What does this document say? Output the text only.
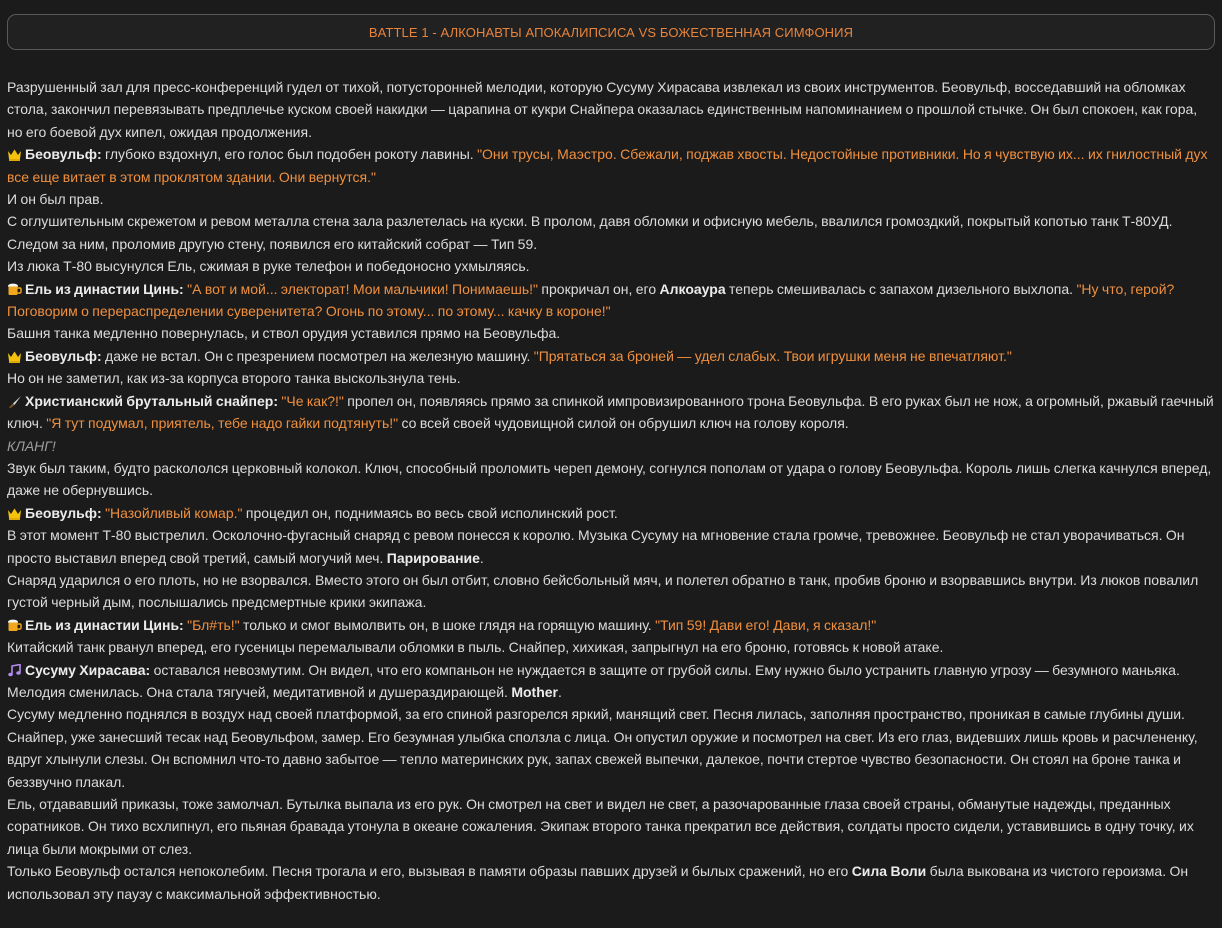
BATTLE 1 - АЛКОНАВТЫ АПОКАЛИПСИСА VS БОЖЕСТВЕННАЯ СИМФОНИЯ

Разрушенный зал для пресс-конференций гудел от тихой, потусторонней мелодии, которую Сусуму Хирасава извлекал из своих инструментов. Беовульф, восседавший на обломках стола, закончил перевязывать предплечье куском своей накидки — царапина от кукри Снайпера оказалась единственным напоминанием о прошлой стычке. Он был спокоен, как гора, но его боевой дух кипел, ожидая продолжения.

Беовульф: глубоко вздохнул, его голос был подобен рокоту лавины. "Они трусы, Маэстро. Сбежали, поджав хвосты. Недостойные противники. Но я чувствую их... их гнилостный дух все еще витает в этом проклятом здании. Они вернутся."

И он был прав.

С оглушительным скрежетом и ревом металла стена зала разлетелась на куски. В пролом, давя обломки и офисную мебель, ввалился громоздкий, покрытый копотью танк Т-80УД. Следом за ним, проломив другую стену, появился его китайский собрат — Тип 59.

Из люка Т-80 высунулся Ель, сжимая в руке телефон и победоносно ухмыляясь.

Ель из династии Цинь: "А вот и мой... электорат! Мои мальчики! Понимаешь!" прокричал он, его Алкоаура теперь смешивалась с запахом дизельного выхлопа. "Ну что, герой? Поговорим о перераспределении суверенитета? Огонь по этому... по этому... качку в короне!"

Башня танка медленно повернулась, и ствол орудия уставился прямо на Беовульфа.

Беовульф: даже не встал. Он с презрением посмотрел на железную машину. "Прятаться за броней — удел слабых. Твои игрушки меня не впечатляют."

Но он не заметил, как из-за корпуса второго танка выскользнула тень.

Христианский брутальный снайпер: "Че как?!" пропел он, появляясь прямо за спинкой импровизированного трона Беовульфа. В его руках был не нож, а огромный, ржавый гаечный ключ. "Я тут подумал, приятель, тебе надо гайки подтянуть!" со всей своей чудовищной силой он обрушил ключ на голову короля.

КЛАНГ!

Звук был таким, будто раскололся церковный колокол. Ключ, способный проломить череп демону, согнулся пополам от удара о голову Беовульфа. Король лишь слегка качнулся вперед, даже не обернувшись.

Беовульф: "Назойливый комар." процедил он, поднимаясь во весь свой исполинский рост.

В этот момент Т-80 выстрелил. Осколочно-фугасный снаряд с ревом понесся к королю. Музыка Сусуму на мгновение стала громче, тревожнее. Беовульф не стал уворачиваться. Он просто выставил вперед свой третий, самый могучий меч. Парирование.

Снаряд ударился о его плоть, но не взорвался. Вместо этого он был отбит, словно бейсбольный мяч, и полетел обратно в танк, пробив броню и взорвавшись внутри. Из люков повалил густой черный дым, послышались предсмертные крики экипажа.

Ель из династии Цинь: "Бл#ть!" только и смог вымолвить он, в шоке глядя на горящую машину. "Тип 59! Дави его! Дави, я сказал!"

Китайский танк рванул вперед, его гусеницы перемалывали обломки в пыль. Снайпер, хихикая, запрыгнул на его броню, готовясь к новой атаке.

Сусуму Хирасава: оставался невозмутим. Он видел, что его компаньон не нуждается в защите от грубой силы. Ему нужно было устранить главную угрозу — безумного маньяка. Мелодия сменилась. Она стала тягучей, медитативной и душераздирающей. Mother.

Сусуму медленно поднялся в воздух над своей платформой, за его спиной разгорелся яркий, манящий свет. Песня лилась, заполняя пространство, проникая в самые глубины души.

Снайпер, уже занесший тесак над Беовульфом, замер. Его безумная улыбка сползла с лица. Он опустил оружие и посмотрел на свет. Из его глаз, видевших лишь кровь и расчлененку, вдруг хлынули слезы. Он вспомнил что-то давно забытое — тепло материнских рук, запах свежей выпечки, далекое, почти стертое чувство безопасности. Он стоял на броне танка и беззвучно плакал.

Ель, отдававший приказы, тоже замолчал. Бутылка выпала из его рук. Он смотрел на свет и видел не свет, а разочарованные глаза своей страны, обманутые надежды, преданных соратников. Он тихо всхлипнул, его пьяная бравада утонула в океане сожаления. Экипаж второго танка прекратил все действия, солдаты просто сидели, уставившись в одну точку, их лица были мокрыми от слез.

Только Беовульф остался непоколебим. Песня трогала и его, вызывая в памяти образы павших друзей и былых сражений, но его Сила Воли была выкована из чистого героизма. Он использовал эту паузу с максимальной эффективностью.
